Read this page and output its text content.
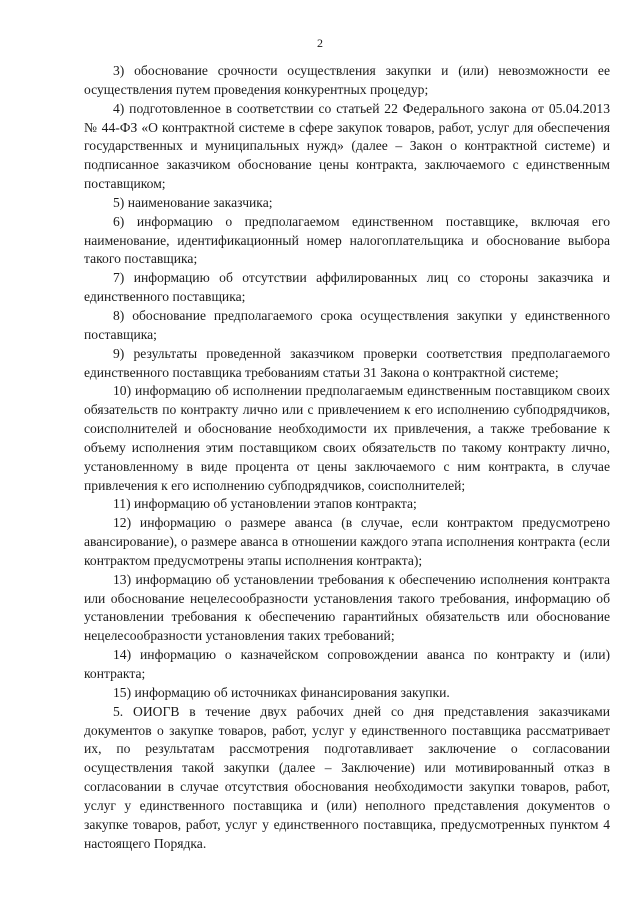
2

3) обоснование срочности осуществления закупки и (или) невозможности ее осуществления путем проведения конкурентных процедур;

4) подготовленное в соответствии со статьей 22 Федерального закона от 05.04.2013 № 44-ФЗ «О контрактной системе в сфере закупок товаров, работ, услуг для обеспечения государственных и муниципальных нужд» (далее – Закон о контрактной системе) и подписанное заказчиком обоснование цены контракта, заключаемого с единственным поставщиком;

5) наименование заказчика;

6) информацию о предполагаемом единственном поставщике, включая его наименование, идентификационный номер налогоплательщика и обоснование выбора такого поставщика;

7) информацию об отсутствии аффилированных лиц со стороны заказчика и единственного поставщика;

8) обоснование предполагаемого срока осуществления закупки у единственного поставщика;

9) результаты проведенной заказчиком проверки соответствия предполагаемого единственного поставщика требованиям статьи 31 Закона о контрактной системе;

10) информацию об исполнении предполагаемым единственным поставщиком своих обязательств по контракту лично или с привлечением к его исполнению субподрядчиков, соисполнителей и обоснование необходимости их привлечения, а также требование к объему исполнения этим поставщиком своих обязательств по такому контракту лично, установленному в виде процента от цены заключаемого с ним контракта, в случае привлечения к его исполнению субподрядчиков, соисполнителей;

11) информацию об установлении этапов контракта;

12) информацию о размере аванса (в случае, если контрактом предусмотрено авансирование), о размере аванса в отношении каждого этапа исполнения контракта (если контрактом предусмотрены этапы исполнения контракта);

13) информацию об установлении требования к обеспечению исполнения контракта или обоснование нецелесообразности установления такого требования, информацию об установлении требования к обеспечению гарантийных обязательств или обоснование нецелесообразности установления таких требований;

14) информацию о казначейском сопровождении аванса по контракту и (или) контракта;

15) информацию об источниках финансирования закупки.

5. ОИОГВ в течение двух рабочих дней со дня представления заказчиками документов о закупке товаров, работ, услуг у единственного поставщика рассматривает их, по результатам рассмотрения подготавливает заключение о согласовании осуществления такой закупки (далее – Заключение) или мотивированный отказ в согласовании в случае отсутствия обоснования необходимости закупки товаров, работ, услуг у единственного поставщика и (или) неполного представления документов о закупке товаров, работ, услуг у единственного поставщика, предусмотренных пунктом 4 настоящего Порядка.
